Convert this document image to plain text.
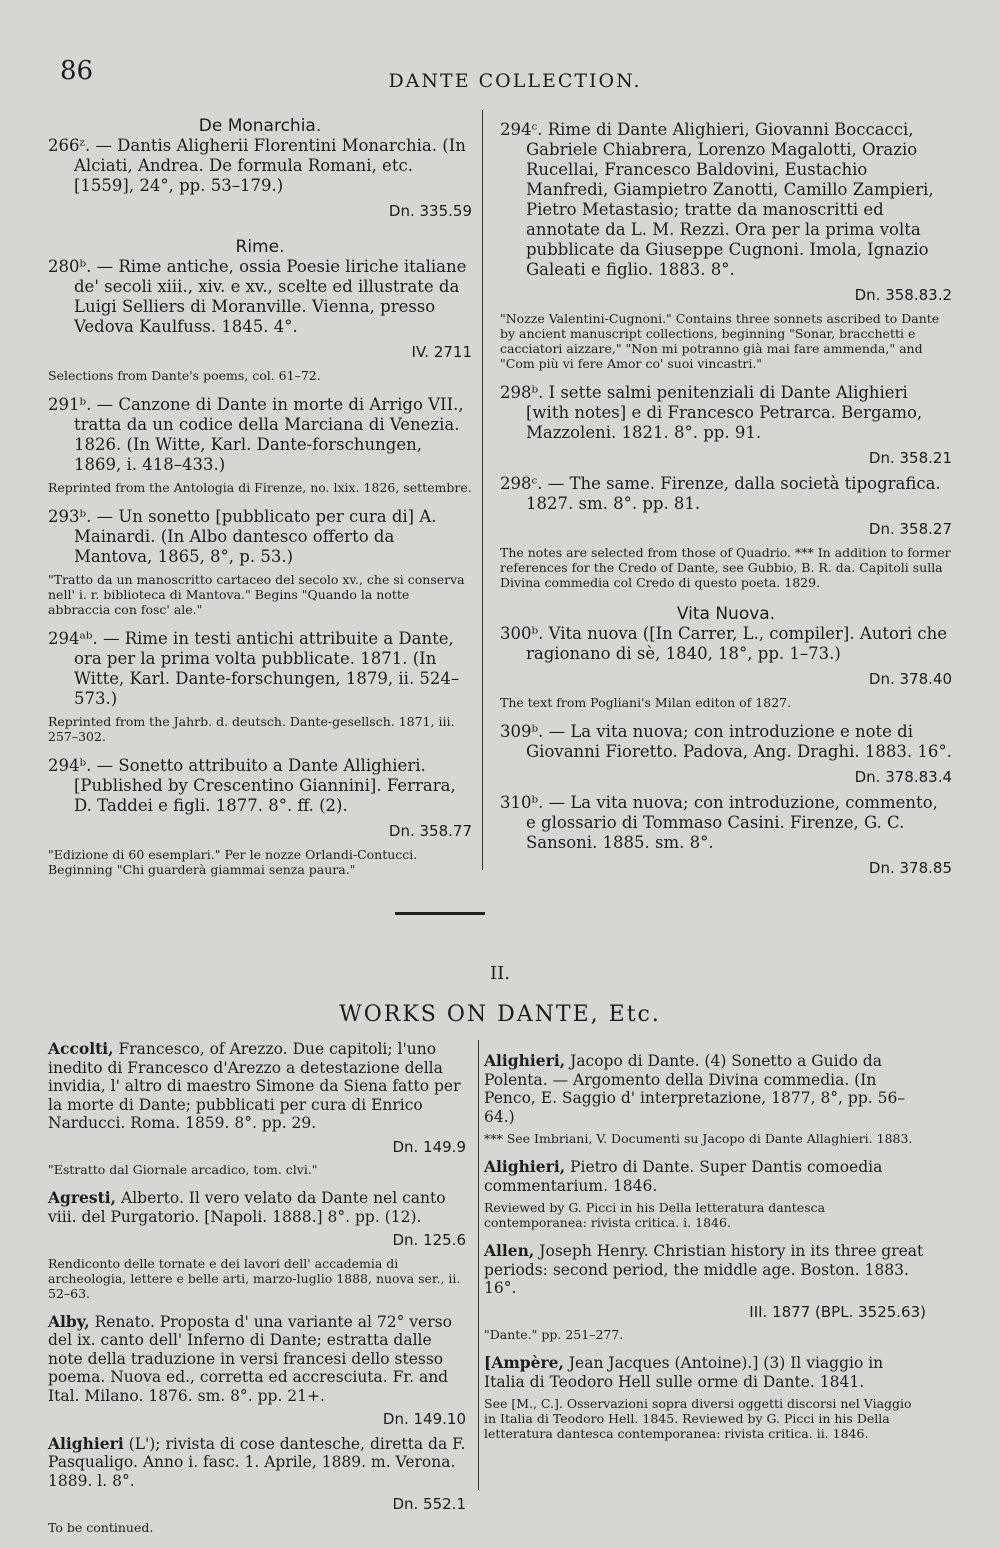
86	DANTE COLLECTION.

De Monarchia.

266ᶻ. — Dantis Aligherii Florentini Monarchia. (In Alciati, Andrea. De formula Romani, etc. [1559], 24°, pp. 53–179.)

Dn. 335.59

Rime.

280ᵇ. — Rime antiche, ossia Poesie liriche italiane de' secoli xiii., xiv. e xv., scelte ed illustrate da Luigi Selliers di Moranville. Vienna, presso Vedova Kaulfuss. 1845. 4°.

IV. 2711

Selections from Dante's poems, col. 61–72.

291ᵇ. — Canzone di Dante in morte di Arrigo VII., tratta da un codice della Marciana di Venezia. 1826. (In Witte, Karl. Dante-forschungen, 1869, i. 418–433.)

Reprinted from the Antologia di Firenze, no. lxix. 1826, settembre.

293ᵇ. — Un sonetto [pubblicato per cura di] A. Mainardi. (In Albo dantesco offerto da Mantova, 1865, 8°, p. 53.)

"Tratto da un manoscritto cartaceo del secolo xv., che si conserva nell' i. r. biblioteca di Mantova." Begins "Quando la notte abbraccia con fosc' ale."

294ᵃᵇ. — Rime in testi antichi attribuite a Dante, ora per la prima volta pubblicate. 1871. (In Witte, Karl. Dante-forschungen, 1879, ii. 524–573.)

Reprinted from the Jahrb. d. deutsch. Dante-gesellsch. 1871, iii. 257–302.

294ᵇ. — Sonetto attribuito a Dante Allighieri. [Published by Crescentino Giannini]. Ferrara, D. Taddei e figli. 1877. 8°. ff. (2).

Dn. 358.77

"Edizione di 60 esemplari." Per le nozze Orlandi-Contucci. Beginning "Chi guarderà giammai senza paura."

294ᶜ. Rime di Dante Alighieri, Giovanni Boccacci, Gabriele Chiabrera, Lorenzo Magalotti, Orazio Rucellai, Francesco Baldovini, Eustachio Manfredi, Giampietro Zanotti, Camillo Zampieri, Pietro Metastasio; tratte da manoscritti ed annotate da L. M. Rezzi. Ora per la prima volta pubblicate da Giuseppe Cugnoni. Imola, Ignazio Galeati e figlio. 1883. 8°.

Dn. 358.83.2

"Nozze Valentini-Cugnoni." Contains three sonnets ascribed to Dante by ancient manuscript collections, beginning "Sonar, bracchetti e cacciatori aizzare," "Non mi potranno già mai fare ammenda," and "Com più vi fere Amor co' suoi vincastri."

298ᵇ. I sette salmi penitenziali di Dante Alighieri [with notes] e di Francesco Petrarca. Bergamo, Mazzoleni. 1821. 8°. pp. 91.

Dn. 358.21

298ᶜ. — The same. Firenze, dalla società tipografica. 1827. sm. 8°. pp. 81.

Dn. 358.27

The notes are selected from those of Quadrio. *** In addition to former references for the Credo of Dante, see Gubbio, B. R. da. Capitoli sulla Divina commedia col Credo di questo poeta. 1829.

Vita Nuova.

300ᵇ. Vita nuova ([In Carrer, L., compiler]. Autori che ragionano di sè, 1840, 18°, pp. 1–73.)

Dn. 378.40

The text from Pogliani's Milan editon of 1827.

309ᵇ. — La vita nuova; con introduzione e note di Giovanni Fioretto. Padova, Ang. Draghi. 1883. 16°.

Dn. 378.83.4

310ᵇ. — La vita nuova; con introduzione, commento, e glossario di Tommaso Casini. Firenze, G. C. Sansoni. 1885. sm. 8°.

Dn. 378.85

II.
WORKS ON DANTE, Etc.

Accolti, Francesco, of Arezzo. Due capitoli; l'uno inedito di Francesco d'Arezzo a detestazione della invidia, l' altro di maestro Simone da Siena fatto per la morte di Dante; pubblicati per cura di Enrico Narducci. Roma. 1859. 8°. pp. 29.

Dn. 149.9

"Estratto dal Giornale arcadico, tom. clvi."

Agresti, Alberto. Il vero velato da Dante nel canto viii. del Purgatorio. [Napoli. 1888.] 8°. pp. (12).

Dn. 125.6

Rendiconto delle tornate e dei lavori dell' accademia di archeologia, lettere e belle arti, marzo-luglio 1888, nuova ser., ii. 52–63.

Alby, Renato. Proposta d' una variante al 72° verso del ix. canto dell' Inferno di Dante; estratta dalle note della traduzione in versi francesi dello stesso poema. Nuova ed., corretta ed accresciuta. Fr. and Ital. Milano. 1876. sm. 8°. pp. 21+.

Dn. 149.10

Alighieri (L'); rivista di cose dantesche, diretta da F. Pasqualigo. Anno i. fasc. 1. Aprile, 1889. m. Verona. 1889. l. 8°.

Dn. 552.1

To be continued.

Alighieri, Jacopo di Dante. (4) Sonetto a Guido da Polenta. — Argomento della Divina commedia. (In Penco, E. Saggio d' interpretazione, 1877, 8°, pp. 56–64.)

*** See Imbriani, V. Documenti su Jacopo di Dante Allaghieri. 1883.

Alighieri, Pietro di Dante. Super Dantis comoedia commentarium. 1846.

Reviewed by G. Picci in his Della letteratura dantesca contemporanea: rivista critica. i. 1846.

Allen, Joseph Henry. Christian history in its three great periods: second period, the middle age. Boston. 1883. 16°.

III. 1877 (BPL. 3525.63)

"Dante." pp. 251–277.

[Ampère, Jean Jacques (Antoine).] (3) Il viaggio in Italia di Teodoro Hell sulle orme di Dante. 1841.

See [M., C.]. Osservazioni sopra diversi oggetti discorsi nel Viaggio in Italia di Teodoro Hell. 1845. Reviewed by G. Picci in his Della letteratura dantesca contemporanea: rivista critica. ii. 1846.
